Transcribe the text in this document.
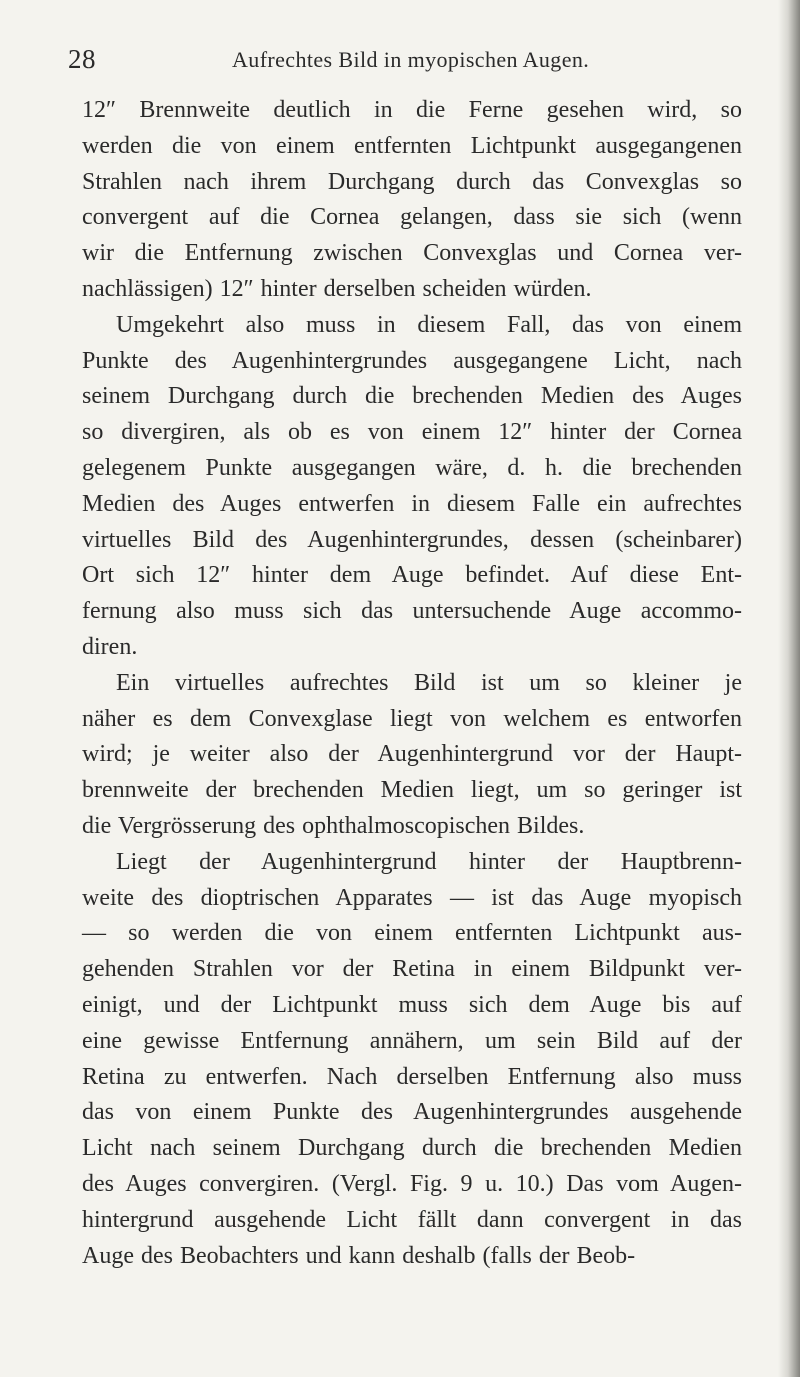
28	Aufrechtes Bild in myopischen Augen.
12″ Brennweite deutlich in die Ferne gesehen wird, so
werden die von einem entfernten Lichtpunkt ausgegangenen
Strahlen nach ihrem Durchgang durch das Convexglas so
convergent auf die Cornea gelangen, dass sie sich (wenn
wir die Entfernung zwischen Convexglas und Cornea ver-
nachlässigen) 12″ hinter derselben scheiden würden.
Umgekehrt also muss in diesem Fall, das von einem
Punkte des Augenhintergrundes ausgegangene Licht, nach
seinem Durchgang durch die brechenden Medien des Auges
so divergiren, als ob es von einem 12″ hinter der Cornea
gelegenem Punkte ausgegangen wäre, d. h. die brechenden
Medien des Auges entwerfen in diesem Falle ein aufrechtes
virtuelles Bild des Augenhintergrundes, dessen (scheinbarer)
Ort sich 12″ hinter dem Auge befindet. Auf diese Ent-
fernung also muss sich das untersuchende Auge accommo-
diren.
Ein virtuelles aufrechtes Bild ist um so kleiner je
näher es dem Convexglase liegt von welchem es entworfen
wird; je weiter also der Augenhintergrund vor der Haupt-
brennweite der brechenden Medien liegt, um so geringer ist
die Vergrösserung des ophthalmoscopischen Bildes.
Liegt der Augenhintergrund hinter der Hauptbrenn-
weite des dioptrischen Apparates — ist das Auge myopisch
— so werden die von einem entfernten Lichtpunkt aus-
gehenden Strahlen vor der Retina in einem Bildpunkt ver-
einigt, und der Lichtpunkt muss sich dem Auge bis auf
eine gewisse Entfernung annähern, um sein Bild auf der
Retina zu entwerfen. Nach derselben Entfernung also muss
das von einem Punkte des Augenhintergrundes ausgehende
Licht nach seinem Durchgang durch die brechenden Medien
des Auges convergiren. (Vergl. Fig. 9 u. 10.) Das vom Augen-
hintergrund ausgehende Licht fällt dann convergent in das
Auge des Beobachters und kann deshalb (falls der Beob-
